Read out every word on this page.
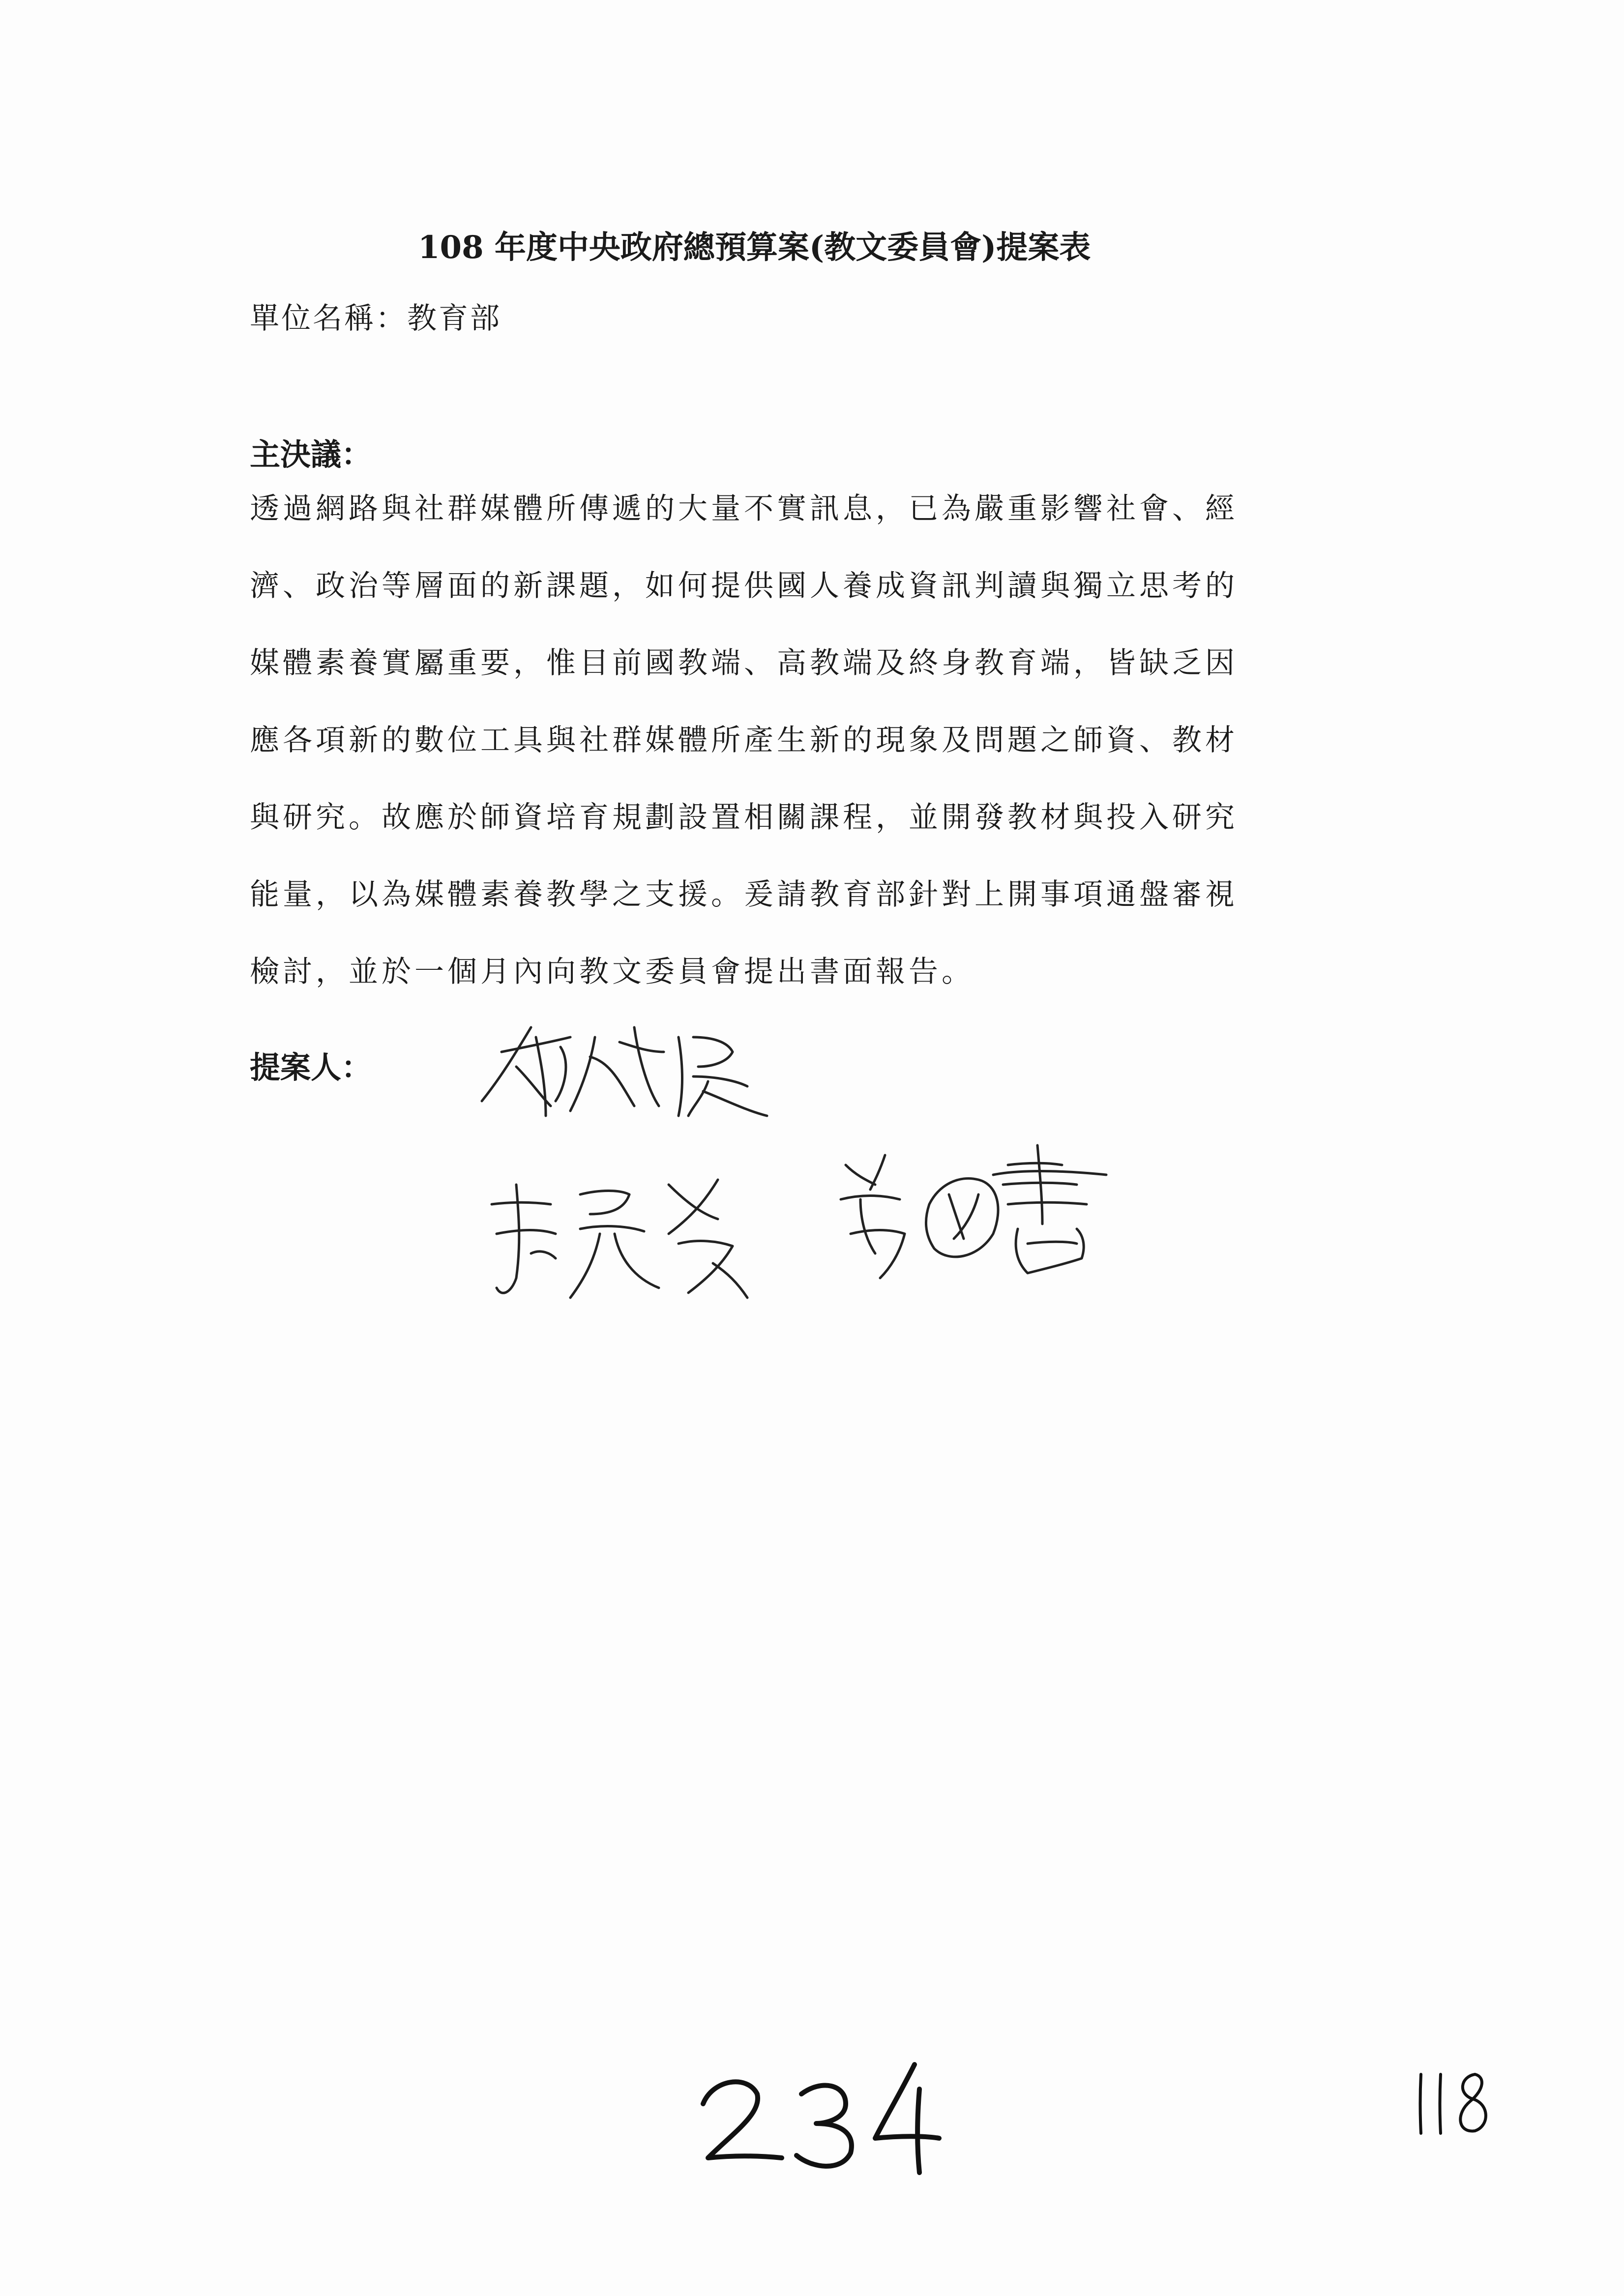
108 年度中央政府總預算案(教文委員會)提案表
單位名稱：教育部
主決議：
透過網路與社群媒體所傳遞的大量不實訊息，已為嚴重影響社會、經
濟、政治等層面的新課題，如何提供國人養成資訊判讀與獨立思考的
媒體素養實屬重要，惟目前國教端、高教端及終身教育端，皆缺乏因
應各項新的數位工具與社群媒體所產生新的現象及問題之師資、教材
與研究。故應於師資培育規劃設置相關課程，並開發教材與投入研究
能量，以為媒體素養教學之支援。爰請教育部針對上開事項通盤審視
檢討，並於一個月內向教文委員會提出書面報告。
提案人：
